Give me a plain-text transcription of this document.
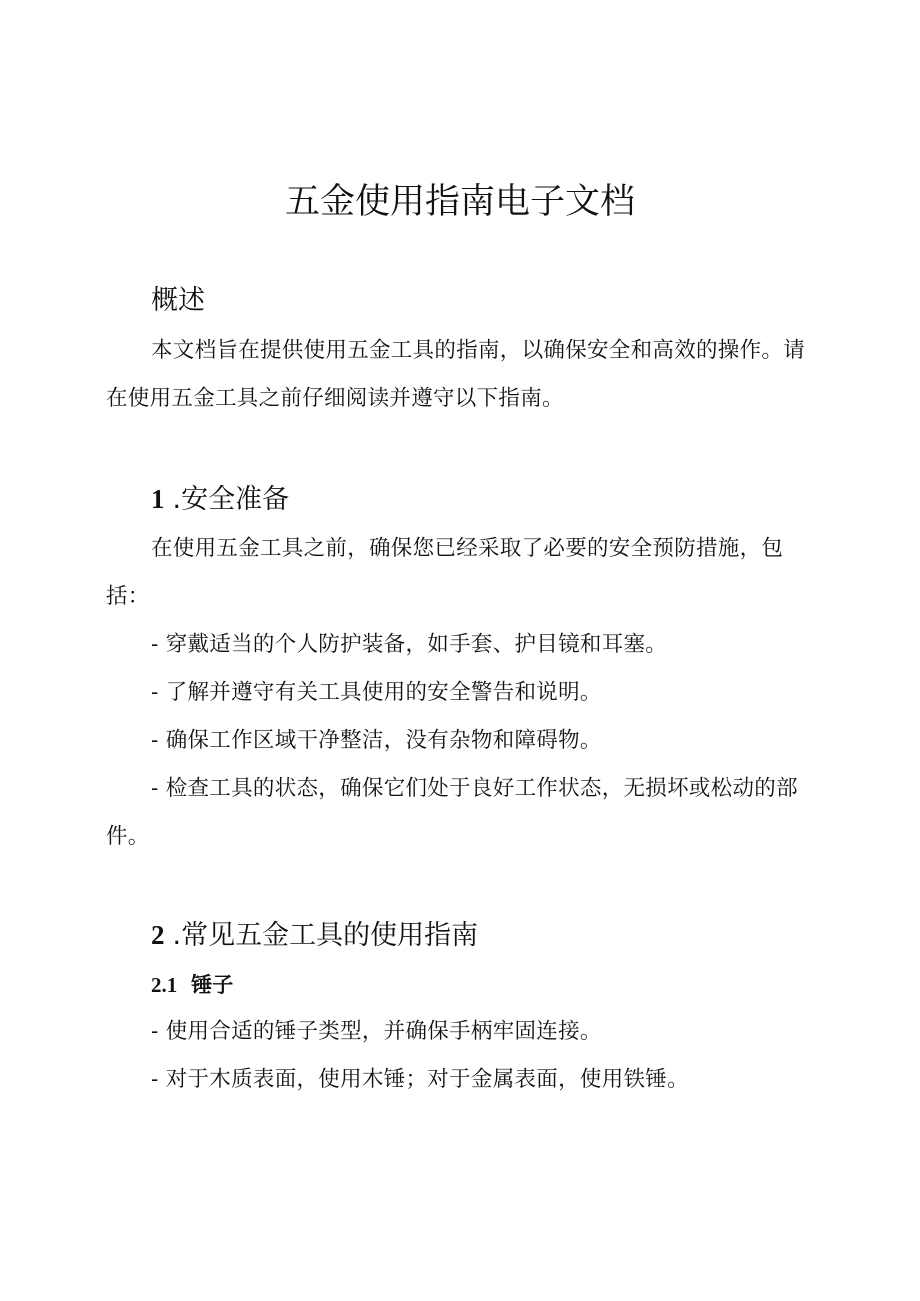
五金使用指南电子文档
概述

本文档旨在提供使用五金工具的指南，以确保安全和高效的操作。请在使用五金工具之前仔细阅读并遵守以下指南。

1 .安全准备

在使用五金工具之前，确保您已经采取了必要的安全预防措施，包括：

- 穿戴适当的个人防护装备，如手套、护目镜和耳塞。

- 了解并遵守有关工具使用的安全警告和说明。

- 确保工作区域干净整洁，没有杂物和障碍物。

- 检查工具的状态，确保它们处于良好工作状态，无损坏或松动的部件。

2 .常见五金工具的使用指南
2.1 锤子

- 使用合适的锤子类型，并确保手柄牢固连接。

- 对于木质表面，使用木锤；对于金属表面，使用铁锤。
